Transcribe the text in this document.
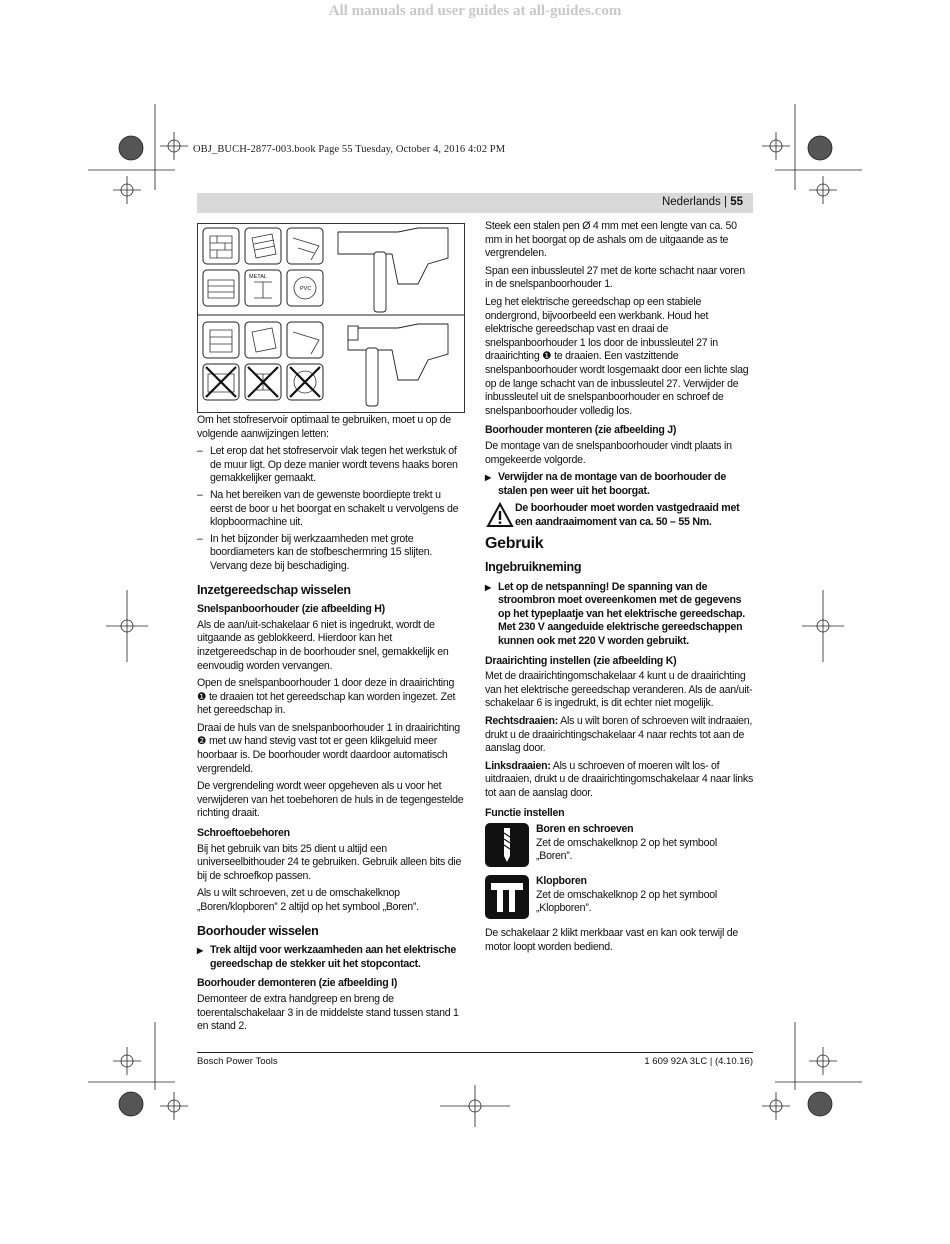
All manuals and user guides at all-guides.com
OBJ_BUCH-2877-003.book Page 55 Tuesday, October 4, 2016 4:02 PM
Nederlands | 55
METAL
PVC

Om het stofreservoir optimaal te gebruiken, moet u op de volgende aanwijzingen letten:

– Let erop dat het stofreservoir vlak tegen het werkstuk of de muur ligt. Op deze manier wordt tevens haaks boren gemakkelijker gemaakt.
– Na het bereiken van de gewenste boordiepte trekt u eerst de boor u het boorgat en schakelt u vervolgens de klopboormachine uit.
– In het bijzonder bij werkzaamheden met grote boordiameters kan de stofbeschermring 15 slijten. Vervang deze bij beschadiging.
Inzetgereedschap wisselen
Snelspanboorhouder (zie afbeelding H)

Als de aan/uit-schakelaar 6 niet is ingedrukt, wordt de uitgaande as geblokkeerd. Hierdoor kan het inzetgereedschap in de boorhouder snel, gemakkelijk en eenvoudig worden vervangen.

Open de snelspanboorhouder 1 door deze in draairichting ❶ te draaien tot het gereedschap kan worden ingezet. Zet het gereedschap in.

Draai de huls van de snelspanboorhouder 1 in draairichting ❷ met uw hand stevig vast tot er geen klikgeluid meer hoorbaar is. De boorhouder wordt daardoor automatisch vergrendeld.

De vergrendeling wordt weer opgeheven als u voor het verwijderen van het toebehoren de huls in de tegengestelde richting draait.

Schroeftoebehoren

Bij het gebruik van bits 25 dient u altijd een universeelbithouder 24 te gebruiken. Gebruik alleen bits die bij de schroefkop passen.

Als u wilt schroeven, zet u de omschakelknop „Boren/klopboren” 2 altijd op het symbool „Boren”.

Boorhouder wisselen
▶ Trek altijd voor werkzaamheden aan het elektrische gereedschap de stekker uit het stopcontact.
Boorhouder demonteren (zie afbeelding I)

Demonteer de extra handgreep en breng de toerentalschakelaar 3 in de middelste stand tussen stand 1 en stand 2.

Steek een stalen pen Ø 4 mm met een lengte van ca. 50 mm in het boorgat op de ashals om de uitgaande as te vergrendelen.

Span een inbussleutel 27 met de korte schacht naar voren in de snelspanboorhouder 1.

Leg het elektrische gereedschap op een stabiele ondergrond, bijvoorbeeld een werkbank. Houd het elektrische gereedschap vast en draai de snelspanboorhouder 1 los door de inbussleutel 27 in draairichting ❶ te draaien. Een vastzittende snelspanboorhouder wordt losgemaakt door een lichte slag op de lange schacht van de inbussleutel 27. Verwijder de inbussleutel uit de snelspanboorhouder en schroef de snelspanboorhouder volledig los.

Boorhouder monteren (zie afbeelding J)

De montage van de snelspanboorhouder vindt plaats in omgekeerde volgorde.

▶ Verwijder na de montage van de boorhouder de stalen pen weer uit het boorgat.
De boorhouder moet worden vastgedraaid met een aandraaimoment van ca. 50 – 55 Nm.
Gebruik
Ingebruikneming
▶ Let op de netspanning! De spanning van de stroombron moet overeenkomen met de gegevens op het typeplaatje van het elektrische gereedschap. Met 230 V aangeduide elektrische gereedschappen kunnen ook met 220 V worden gebruikt.
Draairichting instellen (zie afbeelding K)

Met de draairichtingomschakelaar 4 kunt u de draairichting van het elektrische gereedschap veranderen. Als de aan/uit-schakelaar 6 is ingedrukt, is dit echter niet mogelijk.

Rechtsdraaien: Als u wilt boren of schroeven wilt indraaien, drukt u de draairichtingschakelaar 4 naar rechts tot aan de aanslag door.

Linksdraaien: Als u schroeven of moeren wilt los- of uitdraaien, drukt u de draairichtingomschakelaar 4 naar links tot aan de aanslag door.

Functie instellen
Boren en schroeven
Zet de omschakelknop 2 op het symbool „Boren”.
Klopboren
Zet de omschakelknop 2 op het symbool „Klopboren”.

De schakelaar 2 klikt merkbaar vast en kan ook terwijl de motor loopt worden bediend.

Bosch Power Tools	1 609 92A 3LC | (4.10.16)
